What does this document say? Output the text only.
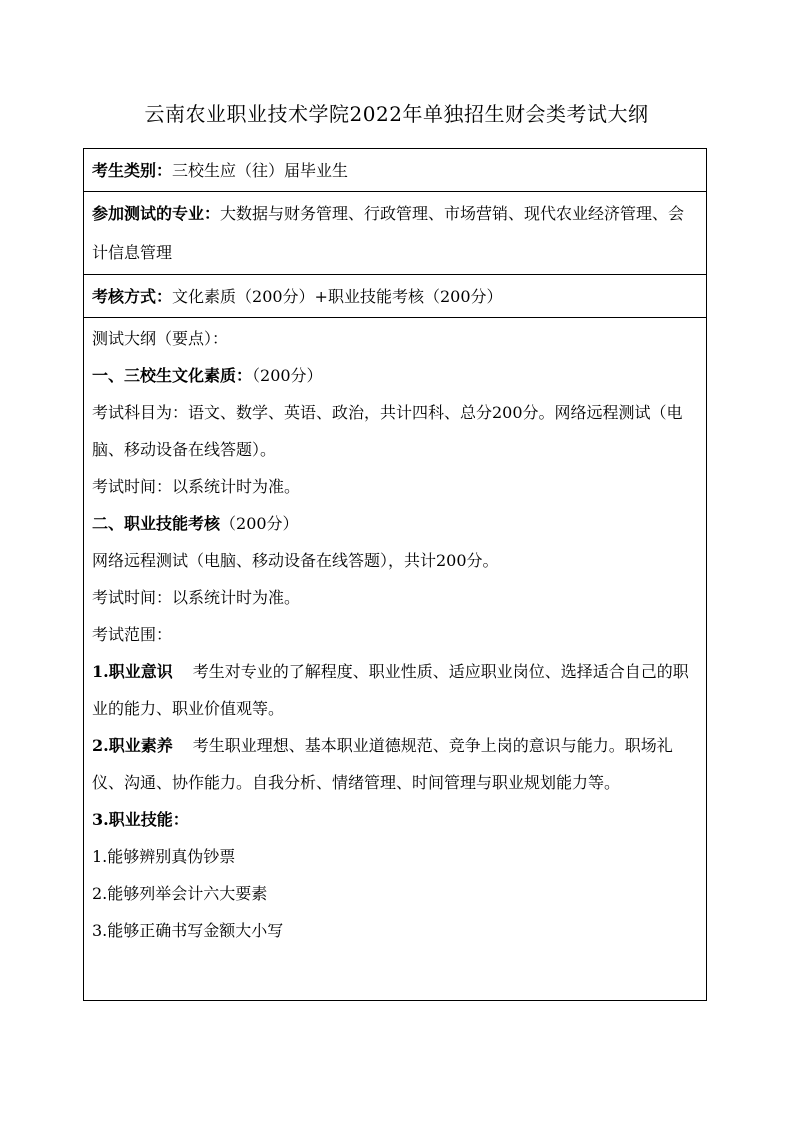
云南农业职业技术学院2022年单独招生财会类考试大纲
考生类别：三校生应（往）届毕业生
参加测试的专业：大数据与财务管理、行政管理、市场营销、现代农业经济管理、会计信息管理
考核方式：文化素质（200分）+职业技能考核（200分）
测试大纲（要点）：
一、三校生文化素质：（200分）
考试科目为：语文、数学、英语、政治，共计四科、总分200分。网络远程测试（电脑、移动设备在线答题）。
考试时间：以系统计时为准。
二、职业技能考核（200分）
网络远程测试（电脑、移动设备在线答题），共计200分。
考试时间：以系统计时为准。
考试范围：
1.职业意识 考生对专业的了解程度、职业性质、适应职业岗位、选择适合自己的职业的能力、职业价值观等。
2.职业素养 考生职业理想、基本职业道德规范、竞争上岗的意识与能力。职场礼仪、沟通、协作能力。自我分析、情绪管理、时间管理与职业规划能力等。
3.职业技能：
1.能够辨别真伪钞票
2.能够列举会计六大要素
3.能够正确书写金额大小写
